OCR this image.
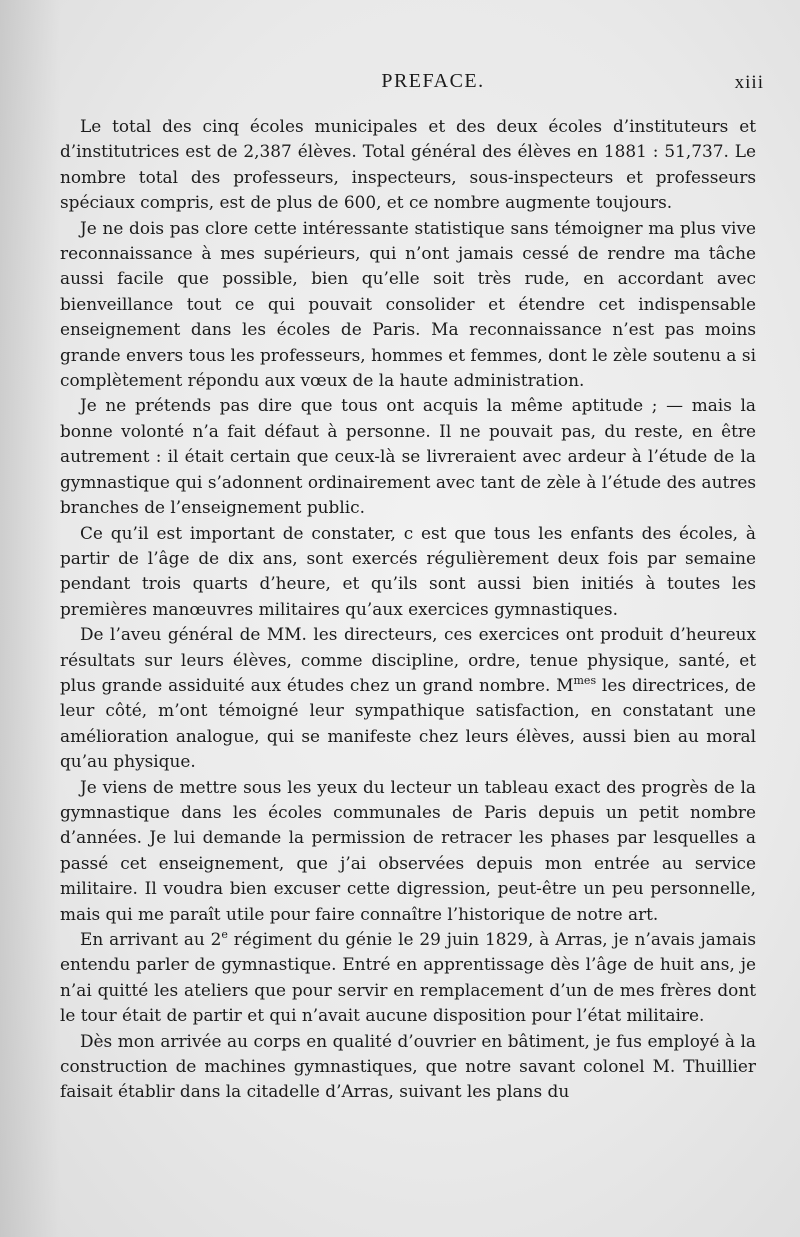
PREFACE.	xiii

Le total des cinq écoles municipales et des deux écoles d’instituteurs et d’institutrices est de 2,387 élèves. Total général des élèves en 1881 : 51,737. Le nombre total des professeurs, inspecteurs, sous-inspecteurs et professeurs spéciaux compris, est de plus de 600, et ce nombre augmente toujours.

Je ne dois pas clore cette intéressante statistique sans témoigner ma plus vive reconnaissance à mes supérieurs, qui n’ont jamais cessé de rendre ma tâche aussi facile que possible, bien qu’elle soit très rude, en accordant avec bienveillance tout ce qui pouvait consolider et étendre cet indispensable enseignement dans les écoles de Paris. Ma reconnaissance n’est pas moins grande envers tous les professeurs, hommes et femmes, dont le zèle soutenu a si complètement répondu aux vœux de la haute administration.

Je ne prétends pas dire que tous ont acquis la même aptitude ; — mais la bonne volonté n’a fait défaut à personne. Il ne pouvait pas, du reste, en être autrement : il était certain que ceux-là se livreraient avec ardeur à l’étude de la gymnastique qui s’adonnent ordinairement avec tant de zèle à l’étude des autres branches de l’enseignement public.

Ce qu’il est important de constater, c est que tous les enfants des écoles, à partir de l’âge de dix ans, sont exercés régulièrement deux fois par semaine pendant trois quarts d’heure, et qu’ils sont aussi bien initiés à toutes les premières manœuvres militaires qu’aux exercices gymnastiques.

De l’aveu général de MM. les directeurs, ces exercices ont produit d’heureux résultats sur leurs élèves, comme discipline, ordre, tenue physique, santé, et plus grande assiduité aux études chez un grand nombre. $M^{mes}$ les directrices, de leur côté, m’ont témoigné leur sympathique satisfaction, en constatant une amélioration analogue, qui se manifeste chez leurs élèves, aussi bien au moral qu’au physique.

Je viens de mettre sous les yeux du lecteur un tableau exact des progrès de la gymnastique dans les écoles communales de Paris depuis un petit nombre d’années. Je lui demande la permission de retracer les phases par lesquelles a passé cet enseignement, que j’ai observées depuis mon entrée au service militaire. Il voudra bien excuser cette digression, peut-être un peu personnelle, mais qui me paraît utile pour faire connaître l’historique de notre art.

En arrivant au 2e régiment du génie le 29 juin 1829, à Arras, je n’avais jamais entendu parler de gymnastique. Entré en apprentissage dès l’âge de huit ans, je n’ai quitté les ateliers que pour servir en remplacement d’un de mes frères dont le tour était de partir et qui n’avait aucune disposition pour l’état militaire.

Dès mon arrivée au corps en qualité d’ouvrier en bâtiment, je fus employé à la construction de machines gymnastiques, que notre savant colonel M. Thuillier faisait établir dans la citadelle d’Arras, suivant les plans du
